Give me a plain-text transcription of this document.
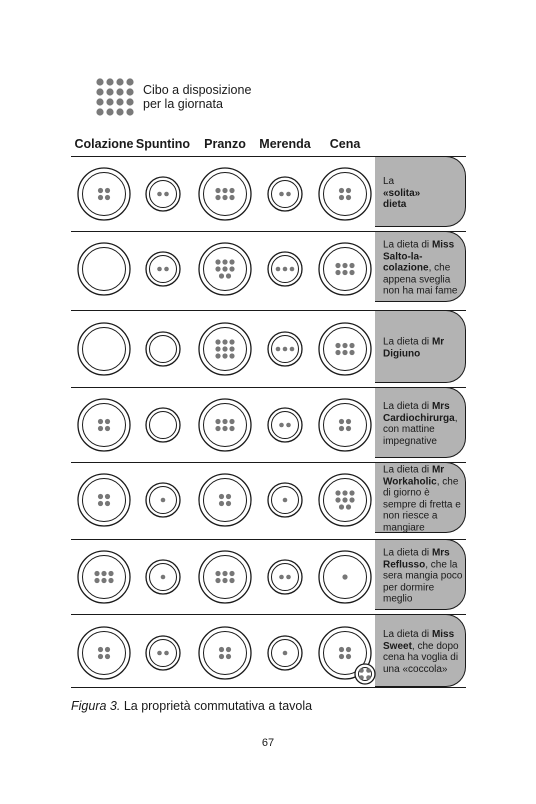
Cibo a disposizione
per la giornata
Colazione Spuntino Pranzo Merenda Cena
La
«solita»
dieta
La dieta di Miss Salto-la-colazione, che appena sveglia non ha mai fame
La dieta di Mr Digiuno
La dieta di Mrs Cardiochirurga, con mattine impegnative
La dieta di Mr Workaholic, che di giorno è sempre di fretta e non riesce a mangiare
La dieta di Mrs Reflusso, che la sera mangia poco per dormire meglio
La dieta di Miss Sweet, che dopo cena ha voglia di una «coccola»
Figura 3. La proprietà commutativa a tavola
67
